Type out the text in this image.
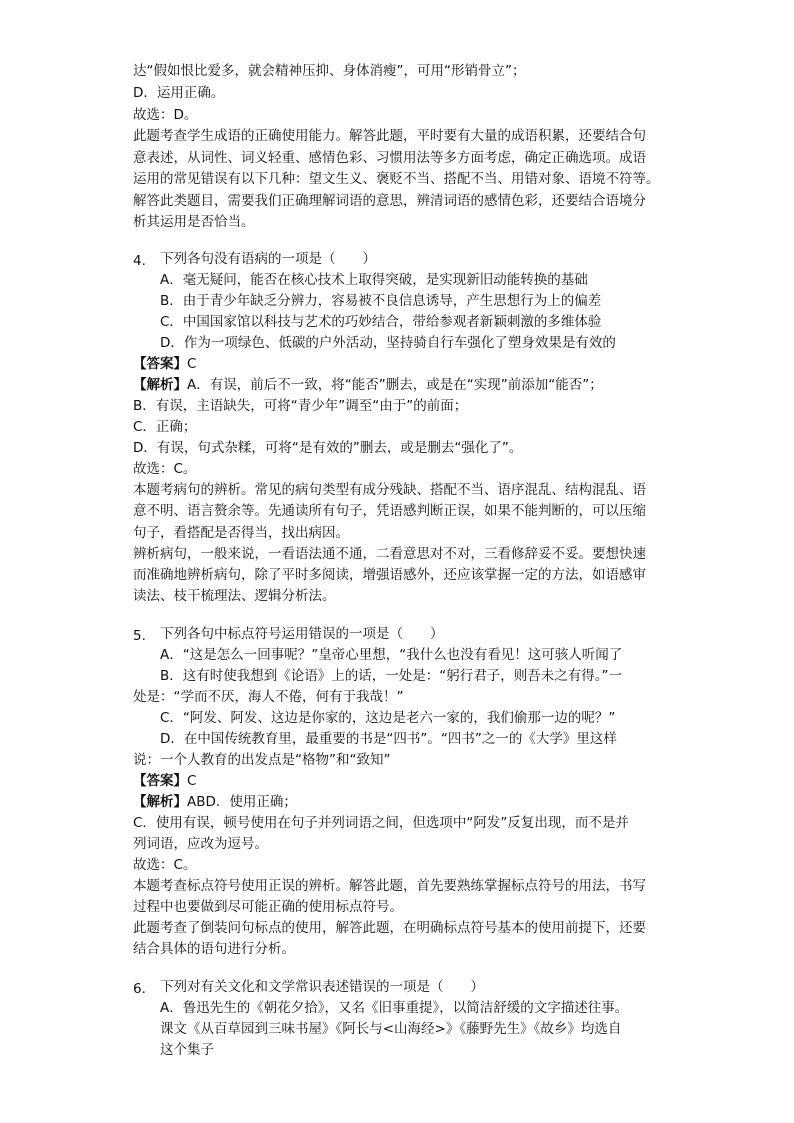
达“假如恨比爱多，就会精神压抑、身体消瘦”，可用“形销骨立”；
D．运用正确。
故选：D。
此题考查学生成语的正确使用能力。解答此题，平时要有大量的成语积累，还要结合句
意表述，从词性、词义轻重、感情色彩、习惯用法等多方面考虑，确定正确选项。成语
运用的常见错误有以下几种：望文生义、褒贬不当、搭配不当、用错对象、语境不符等。
解答此类题目，需要我们正确理解词语的意思，辨清词语的感情色彩，还要结合语境分
析其运用是否恰当。
4. 下列各句没有语病的一项是（　　）
A．毫无疑问，能否在核心技术上取得突破，是实现新旧动能转换的基础
B．由于青少年缺乏分辨力，容易被不良信息诱导，产生思想行为上的偏差
C．中国国家馆以科技与艺术的巧妙结合，带给参观者新颖刺激的多维体验
D．作为一项绿色、低碳的户外活动，坚持骑自行车强化了塑身效果是有效的
【答案】C
【解析】A．有误，前后不一致，将“能否”删去，或是在“实现”前添加“能否”；
B．有误，主语缺失，可将“青少年”调至“由于”的前面；
C．正确；
D．有误，句式杂糅，可将“是有效的”删去，或是删去“强化了”。
故选：C。
本题考病句的辨析。常见的病句类型有成分残缺、搭配不当、语序混乱、结构混乱、语
意不明、语言赘余等。先通读所有句子，凭语感判断正误，如果不能判断的，可以压缩
句子，看搭配是否得当，找出病因。
辨析病句，一般来说，一看语法通不通，二看意思对不对，三看修辞妥不妥。要想快速
而准确地辨析病句，除了平时多阅读，增强语感外，还应该掌握一定的方法，如语感审
读法、枝干梳理法、逻辑分析法。
5. 下列各句中标点符号运用错误的一项是（　　）
A．“这是怎么一回事呢？”皇帝心里想，“我什么也没有看见！这可骇人听闻了
B．这有时使我想到《论语》上的话，一处是：“躬行君子，则吾未之有得。”一
处是：“学而不厌，海人不倦，何有于我哉！”
C．“阿发、阿发、这边是你家的，这边是老六一家的，我们偷那一边的呢？”
D．在中国传统教育里，最重要的书是“四书”。“四书”之一的《大学》里这样
说：一个人教育的出发点是“格物”和“致知”
【答案】C
【解析】ABD．使用正确；
C．使用有误，顿号使用在句子并列词语之间，但选项中“阿发”反复出现，而不是并
列词语，应改为逗号。
故选：C。
本题考查标点符号使用正误的辨析。解答此题，首先要熟练掌握标点符号的用法，书写
过程中也要做到尽可能正确的使用标点符号。
此题考查了倒装问句标点的使用，解答此题，在明确标点符号基本的使用前提下，还要
结合具体的语句进行分析。
6. 下列对有关文化和文学常识表述错误的一项是（　　）
A．鲁迅先生的《朝花夕拾》，又名《旧事重提》，以简洁舒缓的文字描述往事。
课文《从百草园到三味书屋》《阿长与<山海经>》《藤野先生》《故乡》均选自
这个集子
